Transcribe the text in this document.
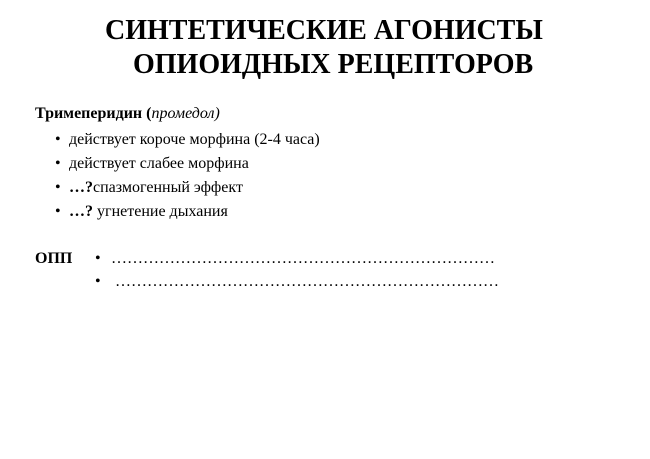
СИНТЕТИЧЕСКИЕ АГОНИСТЫ
ОПИОИДНЫХ РЕЦЕПТОРОВ
Тримеперидин (промедол)
• действует короче морфина (2-4 часа)
• действует слабее морфина
• …?спазмогенный эффект
• …? угнетение дыхания
ОПП • ………………………………………………………………
• ………………………………………………………………
